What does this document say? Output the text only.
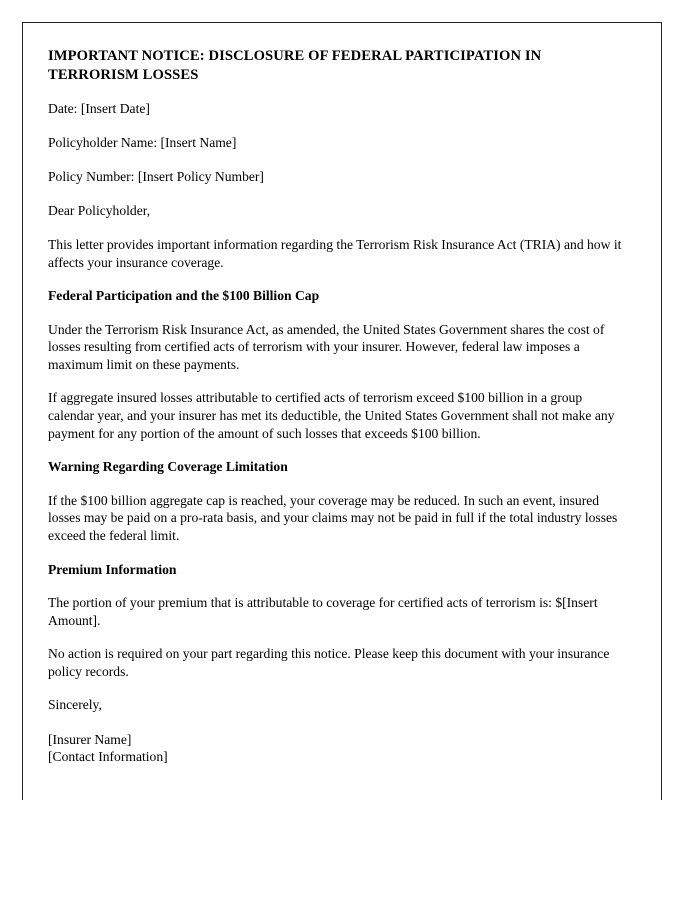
IMPORTANT NOTICE: DISCLOSURE OF FEDERAL PARTICIPATION IN TERRORISM LOSSES

Date: [Insert Date]

Policyholder Name: [Insert Name]

Policy Number: [Insert Policy Number]

Dear Policyholder,

This letter provides important information regarding the Terrorism Risk Insurance Act (TRIA) and how it affects your insurance coverage.

Federal Participation and the $100 Billion Cap

Under the Terrorism Risk Insurance Act, as amended, the United States Government shares the cost of losses resulting from certified acts of terrorism with your insurer. However, federal law imposes a maximum limit on these payments.

If aggregate insured losses attributable to certified acts of terrorism exceed $100 billion in a group calendar year, and your insurer has met its deductible, the United States Government shall not make any payment for any portion of the amount of such losses that exceeds $100 billion.

Warning Regarding Coverage Limitation

If the $100 billion aggregate cap is reached, your coverage may be reduced. In such an event, insured losses may be paid on a pro-rata basis, and your claims may not be paid in full if the total industry losses exceed the federal limit.

Premium Information

The portion of your premium that is attributable to coverage for certified acts of terrorism is: $[Insert Amount].

No action is required on your part regarding this notice. Please keep this document with your insurance policy records.

Sincerely,

[Insurer Name]

[Contact Information]
